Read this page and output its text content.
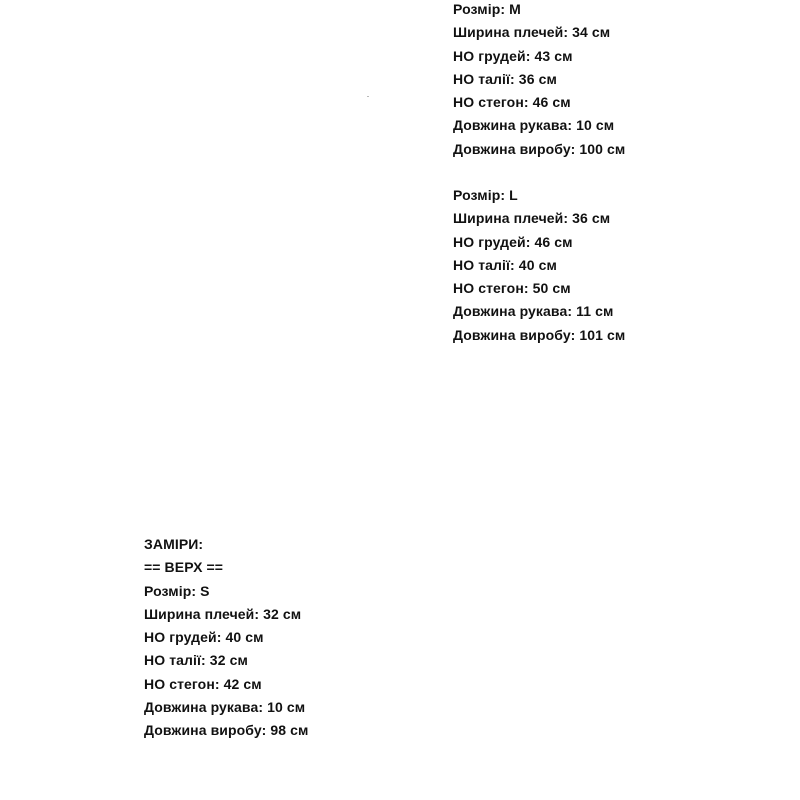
Розмір: M
Ширина плечей: 34 см
НО грудей: 43 см
НО талії: 36 см
НО стегон: 46 см
Довжина рукава: 10 см
Довжина виробу: 100 см
Розмір: L
Ширина плечей: 36 см
НО грудей: 46 см
НО талії: 40 см
НО стегон: 50 см
Довжина рукава: 11 см
Довжина виробу: 101 см
ЗАМІРИ:
== ВЕРХ ==
Розмір: S
Ширина плечей: 32 см
НО грудей: 40 см
НО талії: 32 см
НО стегон: 42 см
Довжина рукава: 10 см
Довжина виробу: 98 см
